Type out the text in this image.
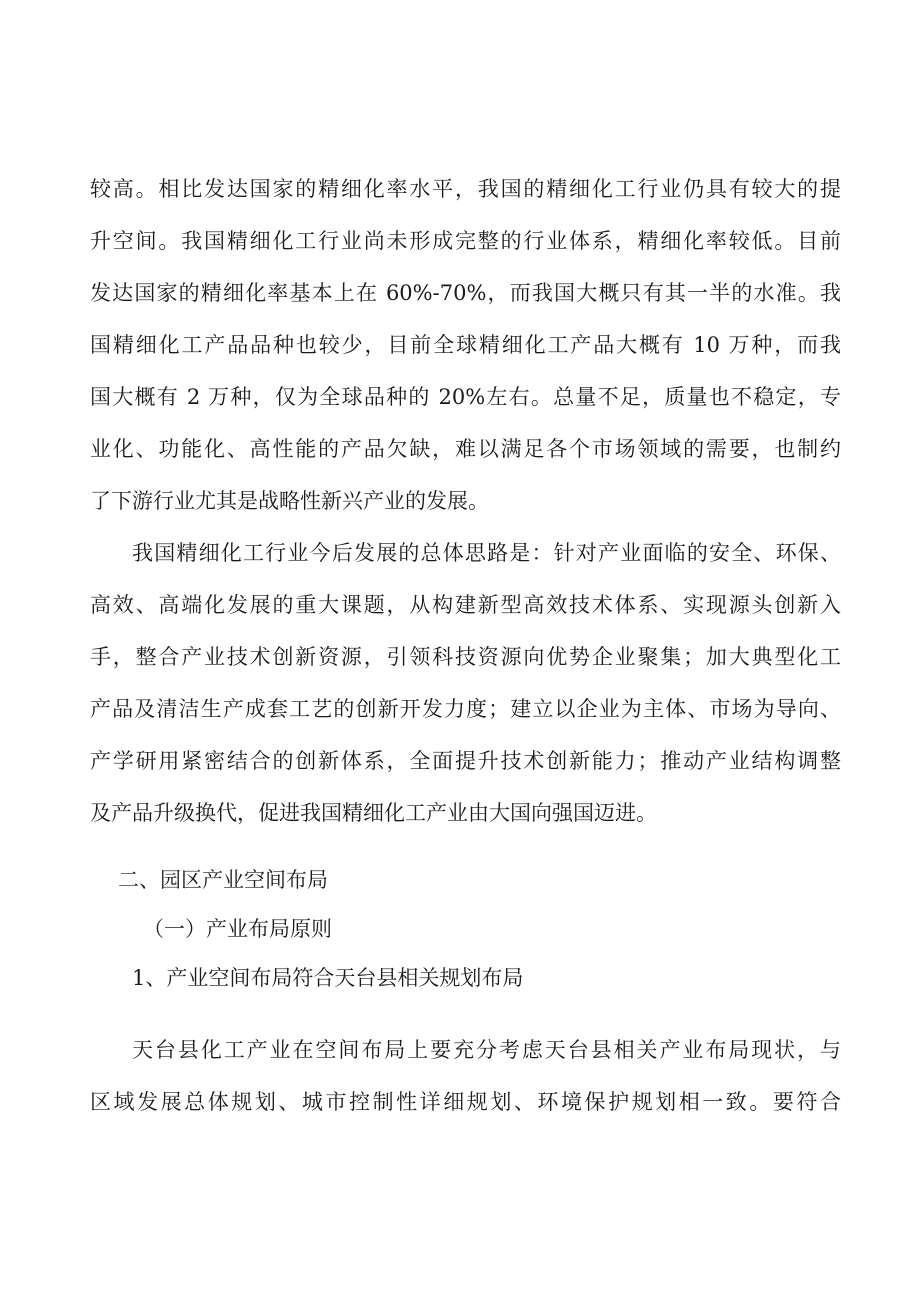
较高。相比发达国家的精细化率水平，我国的精细化工行业仍具有较大的提
升空间。我国精细化工行业尚未形成完整的行业体系，精细化率较低。目前
发达国家的精细化率基本上在 60%-70%，而我国大概只有其一半的水准。我
国精细化工产品品种也较少，目前全球精细化工产品大概有 10 万种，而我
国大概有 2 万种，仅为全球品种的 20%左右。总量不足，质量也不稳定，专
业化、功能化、高性能的产品欠缺，难以满足各个市场领域的需要，也制约
了下游行业尤其是战略性新兴产业的发展。
我国精细化工行业今后发展的总体思路是：针对产业面临的安全、环保、
高效、高端化发展的重大课题，从构建新型高效技术体系、实现源头创新入
手，整合产业技术创新资源，引领科技资源向优势企业聚集；加大典型化工
产品及清洁生产成套工艺的创新开发力度；建立以企业为主体、市场为导向、
产学研用紧密结合的创新体系，全面提升技术创新能力；推动产业结构调整
及产品升级换代，促进我国精细化工产业由大国向强国迈进。
二、园区产业空间布局
（一）产业布局原则
1、产业空间布局符合天台县相关规划布局
天台县化工产业在空间布局上要充分考虑天台县相关产业布局现状，与
区域发展总体规划、城市控制性详细规划、环境保护规划相一致。要符合
